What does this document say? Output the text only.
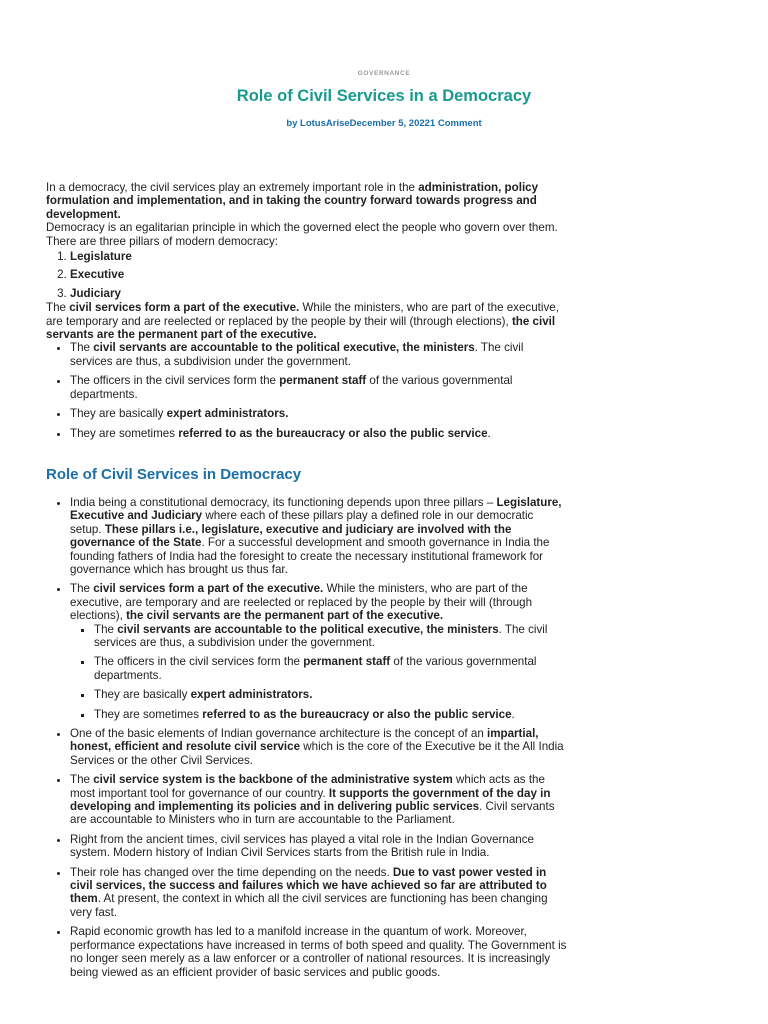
GOVERNANCE
Role of Civil Services in a Democracy
by LotusAriseDecember 5, 20221 Comment

In a democracy, the civil services play an extremely important role in the administration, policy formulation and implementation, and in taking the country forward towards progress and development.

Democracy is an egalitarian principle in which the governed elect the people who govern over them. There are three pillars of modern democracy:

1. Legislature
2. Executive
3. Judiciary

The civil services form a part of the executive. While the ministers, who are part of the executive, are temporary and are reelected or replaced by the people by their will (through elections), the civil servants are the permanent part of the executive.

• The civil servants are accountable to the political executive, the ministers. The civil services are thus, a subdivision under the government.
• The officers in the civil services form the permanent staff of the various governmental departments.
• They are basically expert administrators.
• They are sometimes referred to as the bureaucracy or also the public service.
Role of Civil Services in Democracy
• India being a constitutional democracy, its functioning depends upon three pillars – Legislature, Executive and Judiciary where each of these pillars play a defined role in our democratic setup. These pillars i.e., legislature, executive and judiciary are involved with the governance of the State. For a successful development and smooth governance in India the founding fathers of India had the foresight to create the necessary institutional framework for governance which has brought us thus far.
• The civil services form a part of the executive. While the ministers, who are part of the executive, are temporary and are reelected or replaced by the people by their will (through elections), the civil servants are the permanent part of the executive.
▪ The civil servants are accountable to the political executive, the ministers. The civil services are thus, a subdivision under the government.
▪ The officers in the civil services form the permanent staff of the various governmental departments.
▪ They are basically expert administrators.
▪ They are sometimes referred to as the bureaucracy or also the public service.
• One of the basic elements of Indian governance architecture is the concept of an impartial, honest, efficient and resolute civil service which is the core of the Executive be it the All India Services or the other Civil Services.
• The civil service system is the backbone of the administrative system which acts as the most important tool for governance of our country. It supports the government of the day in developing and implementing its policies and in delivering public services. Civil servants are accountable to Ministers who in turn are accountable to the Parliament.
• Right from the ancient times, civil services has played a vital role in the Indian Governance system. Modern history of Indian Civil Services starts from the British rule in India.
• Their role has changed over the time depending on the needs. Due to vast power vested in civil services, the success and failures which we have achieved so far are attributed to them. At present, the context in which all the civil services are functioning has been changing very fast.
• Rapid economic growth has led to a manifold increase in the quantum of work. Moreover, performance expectations have increased in terms of both speed and quality. The Government is no longer seen merely as a law enforcer or a controller of national resources. It is increasingly being viewed as an efficient provider of basic services and public goods.
